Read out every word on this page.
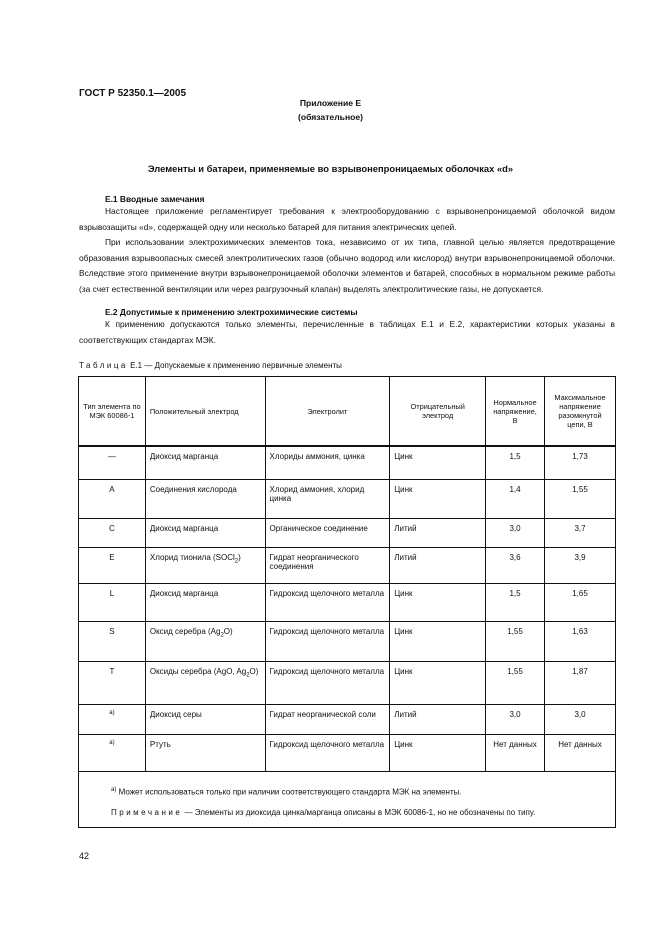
ГОСТ Р 52350.1—2005
Приложение Е
(обязательное)
Элементы и батареи, применяемые во взрывонепроницаемых оболочках «d»
Е.1 Вводные замечания
Настоящее приложение регламентирует требования к электрооборудованию с взрывонепроницаемой оболочкой видом взрывозащиты «d», содержащей одну или несколько батарей для питания электрических цепей.
При использовании электрохимических элементов тока, независимо от их типа, главной целью является предотвращение образования взрывоопасных смесей электролитических газов (обычно водород или кислород) внутри взрывонепроницаемой оболочки. Вследствие этого применение внутри взрывонепроницаемой оболочки элементов и батарей, способных в нормальном режиме работы (за счет естественной вентиляции или через разгрузочный клапан) выделять электролитические газы, не допускается.
Е.2 Допустимые к применению электрохимические системы
К применению допускаются только элементы, перечисленные в таблицах Е.1 и Е.2, характеристики которых указаны в соответствующих стандартах МЭК.
Таблица Е.1 — Допускаемые к применению первичные элементы
Тип элемента по МЭК 60086-1	Положительный электрод	Электролит	Отрицательный электрод	Нормальное напряжение, В	Максимальное напряжение разомкнутой цепи, В
—	Диоксид марганца	Хлориды аммония, цинка	Цинк	1,5	1,73
A	Соединения кислорода	Хлорид аммония, хлорид цинка	Цинк	1,4	1,55
C	Диоксид марганца	Органическое соединение	Литий	3,0	3,7
E	Хлорид тионила (SOCl$_2$)	Гидрат неорганического соединения	Литий	3,6	3,9
L	Диоксид марганца	Гидроксид щелочного металла	Цинк	1,5	1,65
S	Оксид серебра $(Ag_2O)$	Гидроксид щелочного металла	Цинк	1,55	1,63
T	Оксиды серебра (AgO, $Ag_2O$)	Гидроксид щелочного металла	Цинк	1,55	1,87
$^{a)}$	Диоксид серы	Гидрат неорганической соли	Литий	3,0	3,0
$^{a)}$	Ртуть	Гидроксид щелочного металла	Цинк	Нет данных	Нет данных

$^{a)}$ Может использоваться только при наличии соответствующего стандарта МЭК на элементы.
Примечание — Элементы из диоксида цинка/марганца описаны в МЭК 60086-1, но не обозначены по типу.					
42
